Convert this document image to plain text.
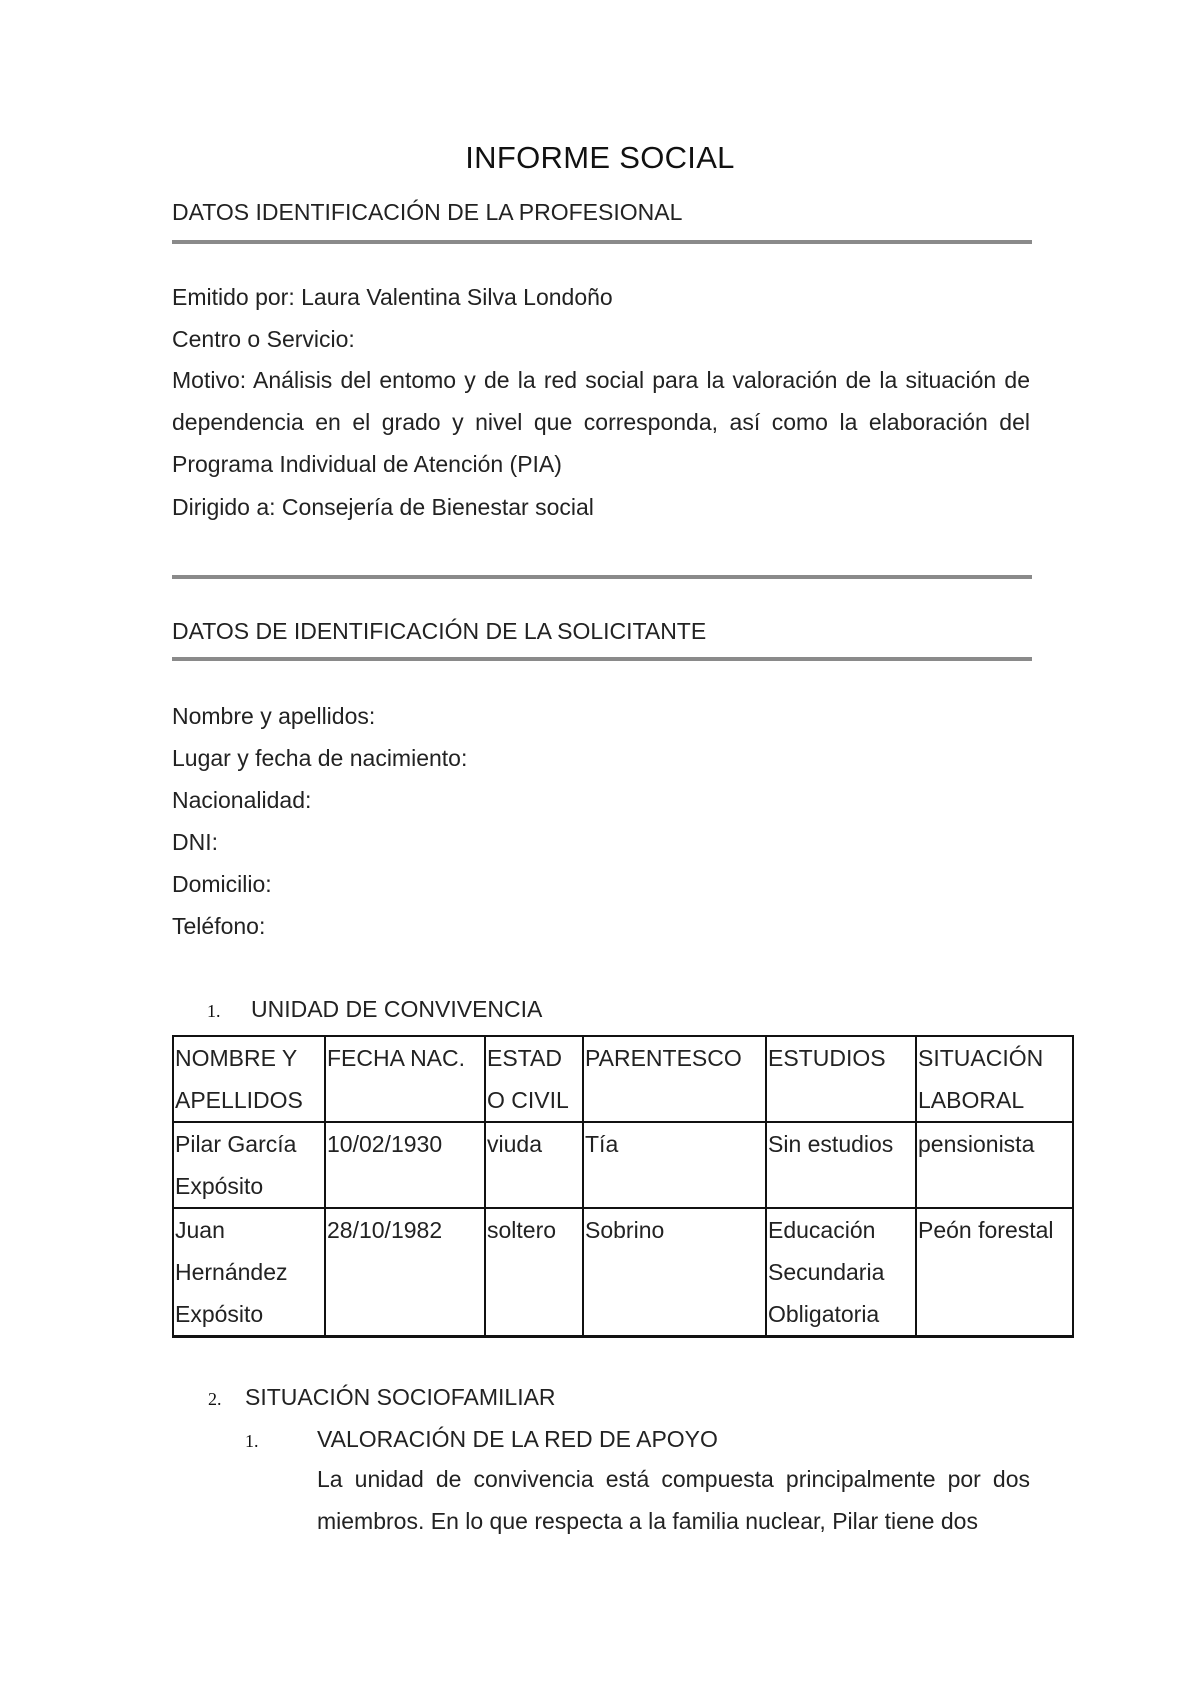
INFORME SOCIAL
DATOS IDENTIFICACIÓN DE LA PROFESIONAL
Emitido por: Laura Valentina Silva Londoño
Centro o Servicio:

Motivo: Análisis del entomo y de la red social para la valoración de la situación de dependencia en el grado y nivel que corresponda, así como la elaboración del Programa Individual de Atención (PIA)

Dirigido a: Consejería de Bienestar social
DATOS DE IDENTIFICACIÓN DE LA SOLICITANTE
Nombre y apellidos:
Lugar y fecha de nacimiento:
Nacionalidad:
DNI:
Domicilio:
Teléfono:
1. UNIDAD DE CONVIVENCIA
NOMBRE Y APELLIDOS	FECHA NAC.	ESTAD O CIVIL	PARENTESCO	ESTUDIOS	SITUACIÓN LABORAL
Pilar García Expósito	10/02/1930	viuda	Tía	Sin estudios	pensionista
Juan Hernández Expósito	28/10/1982	soltero	Sobrino	Educación Secundaria Obligatoria	Peón forestal
2. SITUACIÓN SOCIOFAMILIAR
1.	VALORACIÓN DE LA RED DE APOYO

La unidad de convivencia está compuesta principalmente por dos miembros. En lo que respecta a la familia nuclear, Pilar tiene dos
